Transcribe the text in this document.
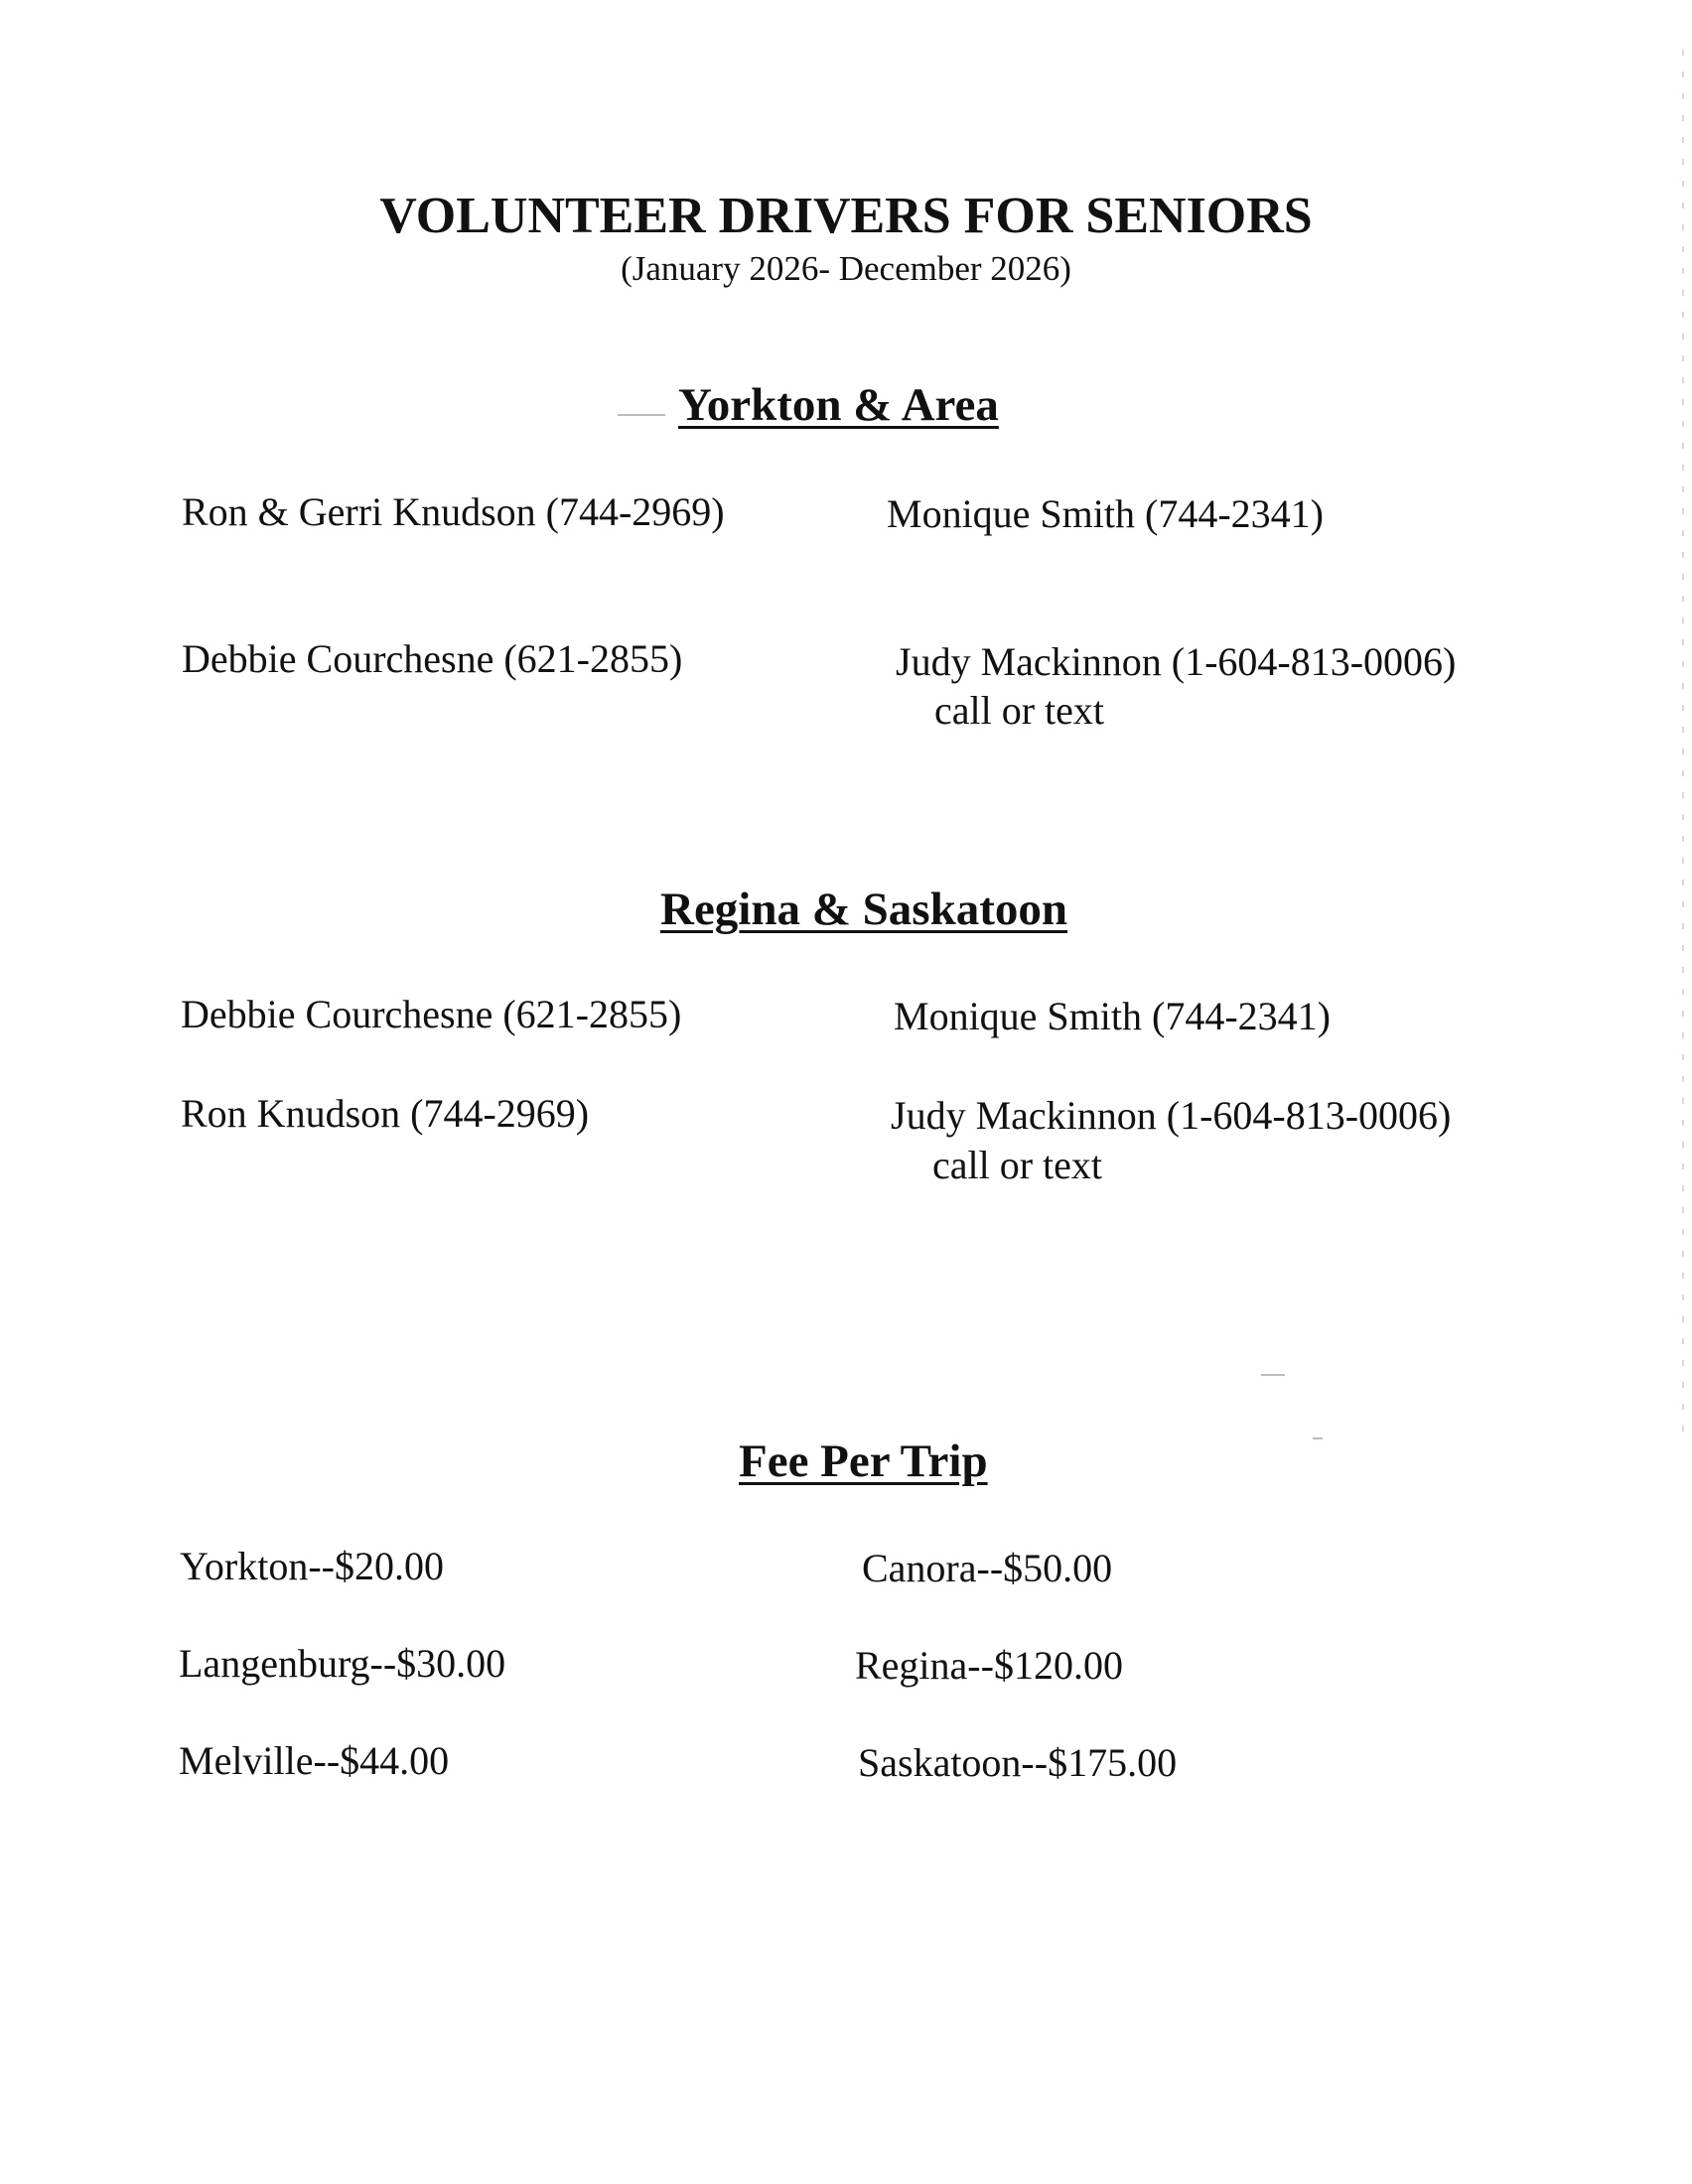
VOLUNTEER DRIVERS FOR SENIORS
(January 2026- December 2026)
Yorkton & Area
Ron & Gerri Knudson (744-2969)	Monique Smith (744-2341)
Debbie Courchesne (621-2855)	Judy Mackinnon (1-604-813-0006)
call or text
Regina & Saskatoon
Debbie Courchesne (621-2855)	Monique Smith (744-2341)
Ron Knudson (744-2969)	Judy Mackinnon (1-604-813-0006)
call or text
Fee Per Trip
Yorkton--$20.00	Canora--$50.00
Langenburg--$30.00	Regina--$120.00
Melville--$44.00	Saskatoon--$175.00
